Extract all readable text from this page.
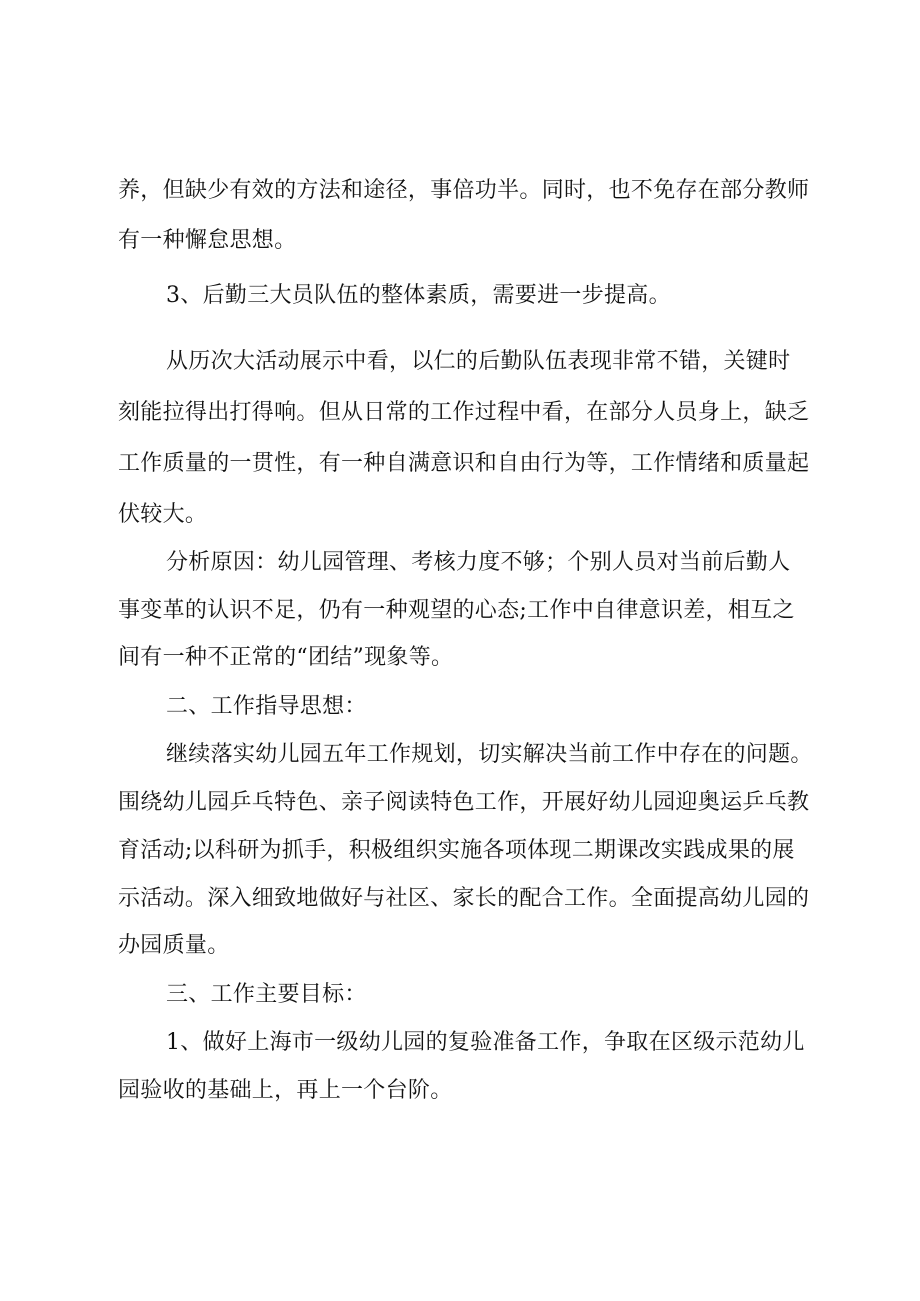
养，但缺少有效的方法和途径，事倍功半。同时，也不免存在部分教师
有一种懈怠思想。
3、后勤三大员队伍的整体素质，需要进一步提高。
从历次大活动展示中看，以仁的后勤队伍表现非常不错，关键时
刻能拉得出打得响。但从日常的工作过程中看，在部分人员身上，缺乏
工作质量的一贯性，有一种自满意识和自由行为等，工作情绪和质量起
伏较大。
分析原因：幼儿园管理、考核力度不够；个别人员对当前后勤人
事变革的认识不足，仍有一种观望的心态;工作中自律意识差，相互之
间有一种不正常的“团结”现象等。
二、工作指导思想：
继续落实幼儿园五年工作规划，切实解决当前工作中存在的问题。
围绕幼儿园乒乓特色、亲子阅读特色工作，开展好幼儿园迎奥运乒乓教
育活动;以科研为抓手，积极组织实施各项体现二期课改实践成果的展
示活动。深入细致地做好与社区、家长的配合工作。全面提高幼儿园的
办园质量。
三、工作主要目标：
1、做好上海市一级幼儿园的复验准备工作，争取在区级示范幼儿
园验收的基础上，再上一个台阶。
